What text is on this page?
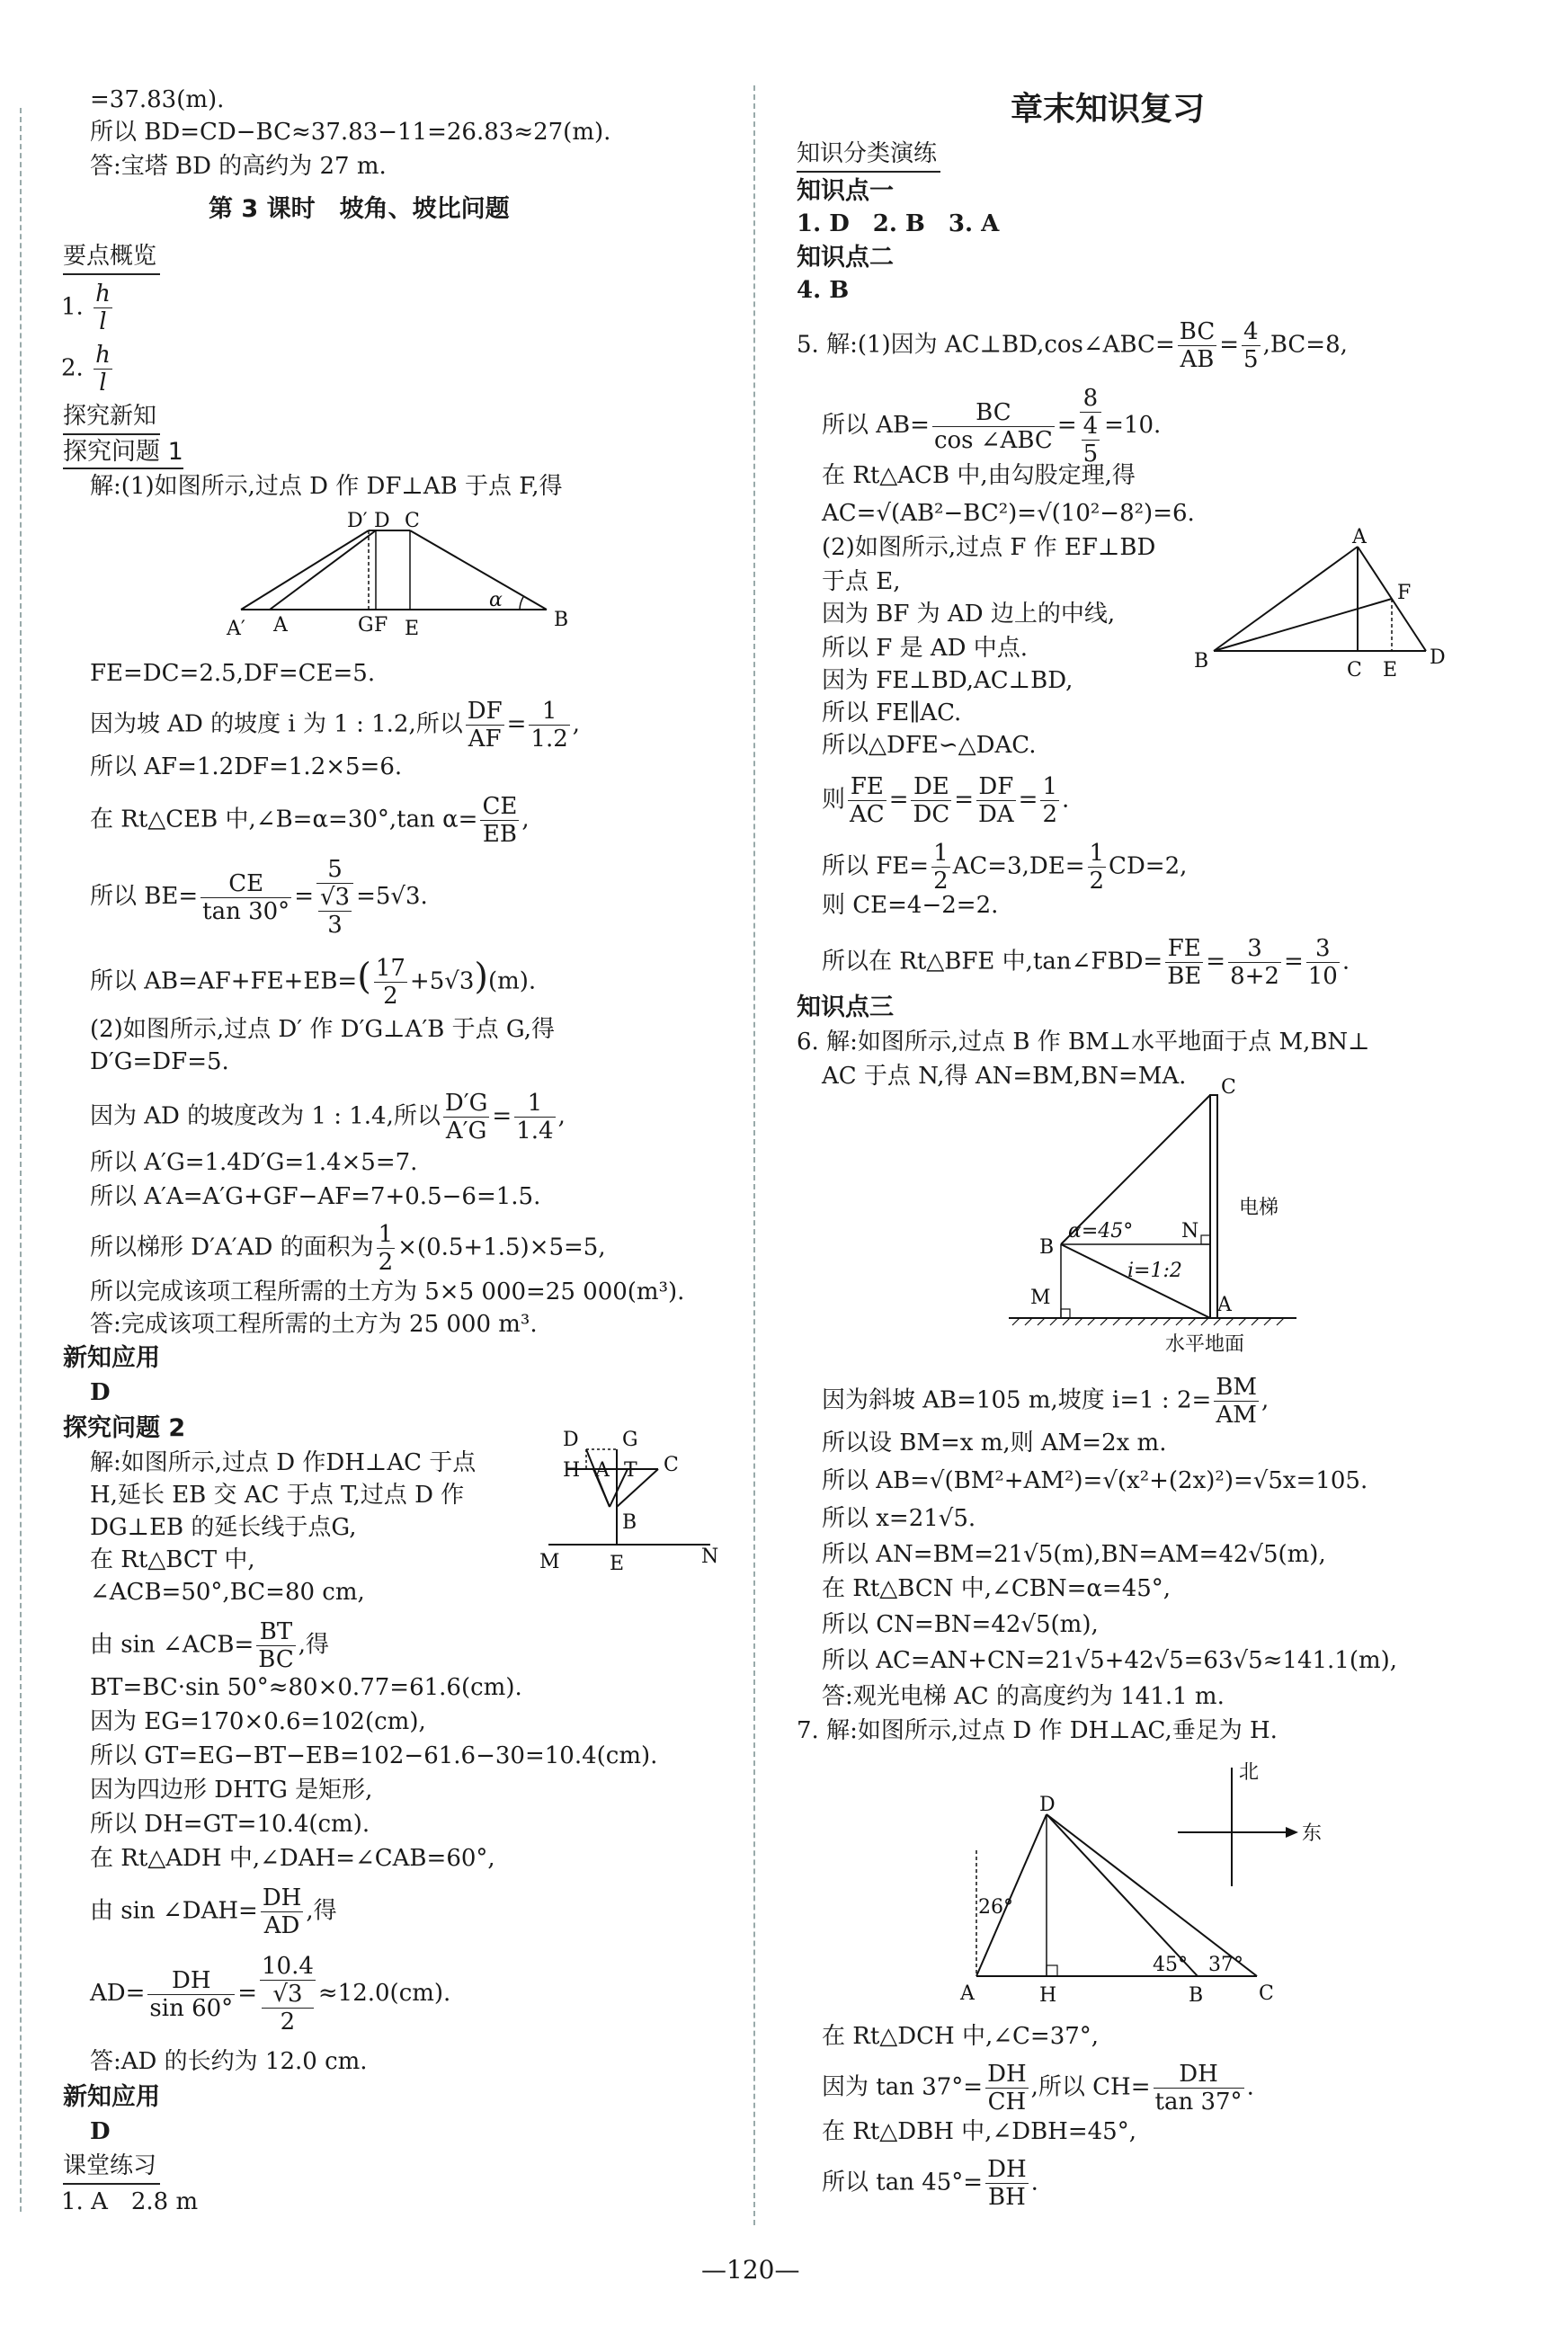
=37.83(m).
所以 BD=CD−BC≈37.83−11=26.83≈27(m).
答:宝塔 BD 的高约为 27 m.
第 3 课时　坡角、坡比问题
要点概览
1. $\frac{h}{l}$
2. $\frac{h}{l}$
探究新知
探究问题 1
解:(1)如图所示,过点 D 作 DF⊥AB 于点 F,得
D′ D C
A′ A	G F E	B
α
FE=DC=2.5,DF=CE=5.
因为坡 AD 的坡度 i 为 1 : 1.2,所以 $\frac{DF}{AF} = \frac{1}{1.2}$ ,
所以 AF=1.2DF=1.2×5=6.
在 Rt△CEB 中,∠B=α=30°,tan $\alpha= \frac{CE}{EB}$ ,
所以 $BE= \frac{CE}{\tan 30^\circ} = 5$
√3
3 =5√3.
所以 $AB=AF+FE+EB=( \frac{17}{2} +5√3)(m)$.
(2)如图所示,过点 D′ 作 D′G⊥A′B 于点 G,得
D′G=DF=5.
因为 AD 的坡度改为 1 : 1.4,所以 $\frac{D'G}{A'G} = \frac{1}{1.4}$ ,
所以 A′G=1.4D′G=1.4×5=7.
所以 A′A=A′G+GF−AF=7+0.5−6=1.5.
所以梯形 D′A′AD 的面积为 $\frac{1}{2} \times(0.5+1.5)\times 5=5$,
所以完成该项工程所需的土方为 5×5 000=25 000(m³).
答:完成该项工程所需的土方为 25 000 m³.
新知应用
D
探究问题 2
解:如图所示,过点 D 作DH⊥AC 于点
H,延长 EB 交 AC 于点 T,过点 D 作
DG⊥EB 的延长线于点G,
在 Rt△BCT 中,
∠ACB=50°,BC=80 cm,
D G
H A T C
B
M	E	N
由 sin ∠ACB= $\frac{BT}{BC}$ ,得
BT=BC·sin 50°≈80×0.77=61.6(cm).
因为 EG=170×0.6=102(cm),
所以 GT=EG−BT−EB=102−61.6−30=10.4(cm).
因为四边形 DHTG 是矩形,
所以 DH=GT=10.4(cm).
在 Rt△ADH 中,∠DAH=∠CAB=60°,
由 sin ∠DAH= $\frac{DH}{AD}$ ,得
$AD= \frac{DH}{\sin 60^\circ} = 10.4$
√3
2 ≈12.0(cm).
答:AD 的长约为 12.0 cm.
新知应用
D
课堂练习
1. A　2.8 m
章末知识复习
知识分类演练
知识点一
1. D　2. B　3. A
知识点二
4. B
5. 解:(1)因为 AC⊥BD,cos∠ABC= $\frac{BC}{AB} = \frac{4}{5} ,BC=8$,
所以 $AB= \frac{BC}{\text{cos ∠ABC}} = 8$
4
5 =10.
在 Rt△ACB 中,由勾股定理,得
AC=√(AB²−BC²)=√(10²−8²)=6.
(2)如图所示,过点 F 作 EF⊥BD
于点 E,
因为 BF 为 AD 边上的中线,
所以 F 是 AD 中点.
因为 FE⊥BD,AC⊥BD,
所以 FE∥AC.
所以△DFE∽△DAC.
A
F
B	C E
D
则 $\frac{FE}{AC} = \frac{DE}{DC} = \frac{DF}{DA} = \frac{1}{2}$ .
所以 $FE= \frac{1}{2} AC=3,DE= \frac{1}{2} CD=2$,
则 CE=4−2=2.
所以在 Rt△BFE 中,tan∠FBD= $\frac{FE}{BE} = \frac{3}{8+2} = \frac{3}{10}$ .
知识点三
6. 解:如图所示,过点 B 作 BM⊥水平地面于点 M,BN⊥
AC 于点 N,得 AN=BM,BN=MA. C
电梯
B
α=45° N
i=1:2
M	A
水平地面
因为斜坡 AB=105 m,坡度 i=1 : $2= \frac{BM}{AM}$ ,
所以设 BM=x m,则 AM=2x m.
所以 AB=√(BM²+AM²)=√(x²+(2x)²)=√5x=105.
所以 x=21√5.
所以 AN=BM=21√5(m),BN=AM=42√5(m),
在 Rt△BCN 中,∠CBN=α=45°,
所以 CN=BN=42√5(m),
所以 AC=AN+CN=21√5+42√5=63√5≈141.1(m),
答:观光电梯 AC 的高度约为 141.1 m.
7. 解:如图所示,过点 D 作 DH⊥AC,垂足为 H.
北
东
D
26°
45° 37°
A	H	B	C
在 Rt△DCH 中,∠C=37°,
因为 $\tan 37^\circ= \frac{DH}{CH}$ ,所以 $CH= \frac{DH}{\tan 37^\circ}$ .
在 Rt△DBH 中,∠DBH=45°,
所以 $\tan 45^\circ= \frac{DH}{BH}$ .
—120—
